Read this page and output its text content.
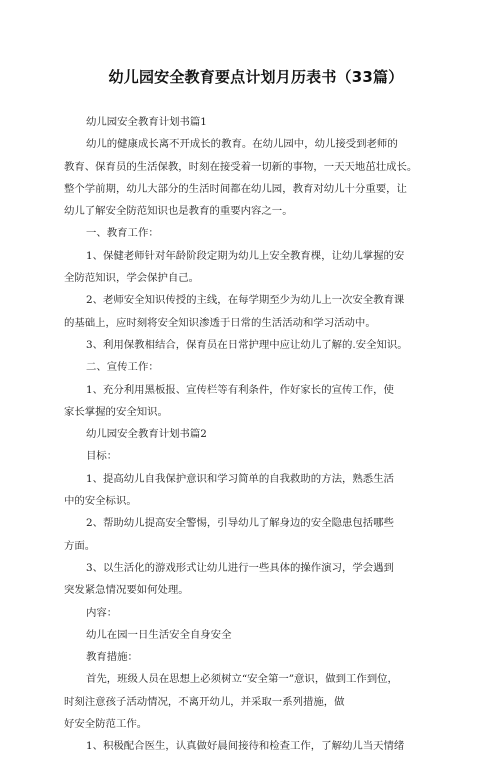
幼儿园安全教育要点计划月历表书（33篇）
幼儿园安全教育计划书篇1
幼儿的健康成长离不开成长的教育。在幼儿园中，幼儿接受到老师的
教育、保育员的生活保教，时刻在接受着一切新的事物，一天天地茁壮成长。
整个学前期，幼儿大部分的生活时间都在幼儿园，教育对幼儿十分重要，让
幼儿了解安全防范知识也是教育的重要内容之一。
一、教育工作：
1、保健老师针对年龄阶段定期为幼儿上安全教育棵，让幼儿掌握的安
全防范知识，学会保护自己。
2、老师安全知识传授的主线，在每学期至少为幼儿上一次安全教育课
的基础上，应时刻将安全知识渗透于日常的生活活动和学习活动中。
3、利用保教相结合，保育员在日常护理中应让幼儿了解的.安全知识。
二、宣传工作：
1、充分利用黑板报、宣传栏等有利条件，作好家长的宣传工作，使
家长掌握的安全知识。
幼儿园安全教育计划书篇2
目标：
1、提高幼儿自我保护意识和学习简单的自我救助的方法，熟悉生活
中的安全标识。
2、帮助幼儿提高安全警惕，引导幼儿了解身边的安全隐患包括哪些
方面。
3、以生活化的游戏形式让幼儿进行一些具体的操作演习，学会遇到
突发紧急情况要如何处理。
内容：
幼儿在园一日生活安全自身安全
教育措施：
首先，班级人员在思想上必须树立“安全第一”意识，做到工作到位，
时刻注意孩子活动情况，不离开幼儿，并采取一系列措施，做
好安全防范工作。
1、积极配合医生，认真做好晨间接待和检查工作，了解幼儿当天情绪
